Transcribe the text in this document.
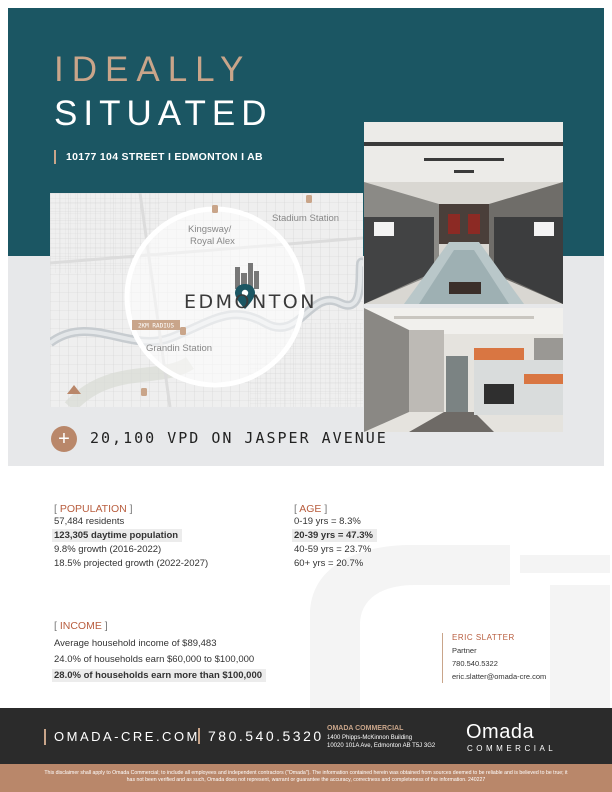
IDEALLY
SITUATED
10177 104 STREET I EDMONTON I AB
2KM RADIUS
Stadium Station
Kingsway/
Royal Alex
Grandin Station
EDMONTON
+	20,100 VPD ON JASPER AVENUE
[ POPULATION ]
57,484 residents
123,305 daytime population
9.8% growth (2016-2022)
18.5% projected growth (2022-2027)
[ AGE ]
0-19 yrs = 8.3%
20-39 yrs = 47.3%
40-59 yrs = 23.7%
60+ yrs = 20.7%
[ INCOME ]
Average household income of $89,483
24.0% of households earn $60,000 to $100,000
28.0% of households earn more than $100,000
ERIC SLATTER
Partner
780.540.5322
eric.slatter@omada-cre.com
OMADA-CRE.COM 780.540.5320 OMADA COMMERCIAL
1400 Phipps-McKinnon Building
10020 101A Ave, Edmonton AB T5J 3G2
Omada
COMMERCIAL
This disclaimer shall apply to Omada Commercial; to include all employees and independent contractors ("Omada"). The information contained herein was obtained from sources deemed to be reliable and is believed to be true; it has not been verified and as such, Omada does not represent, warrant or guarantee the accuracy, correctness and completeness of the information. 240227
